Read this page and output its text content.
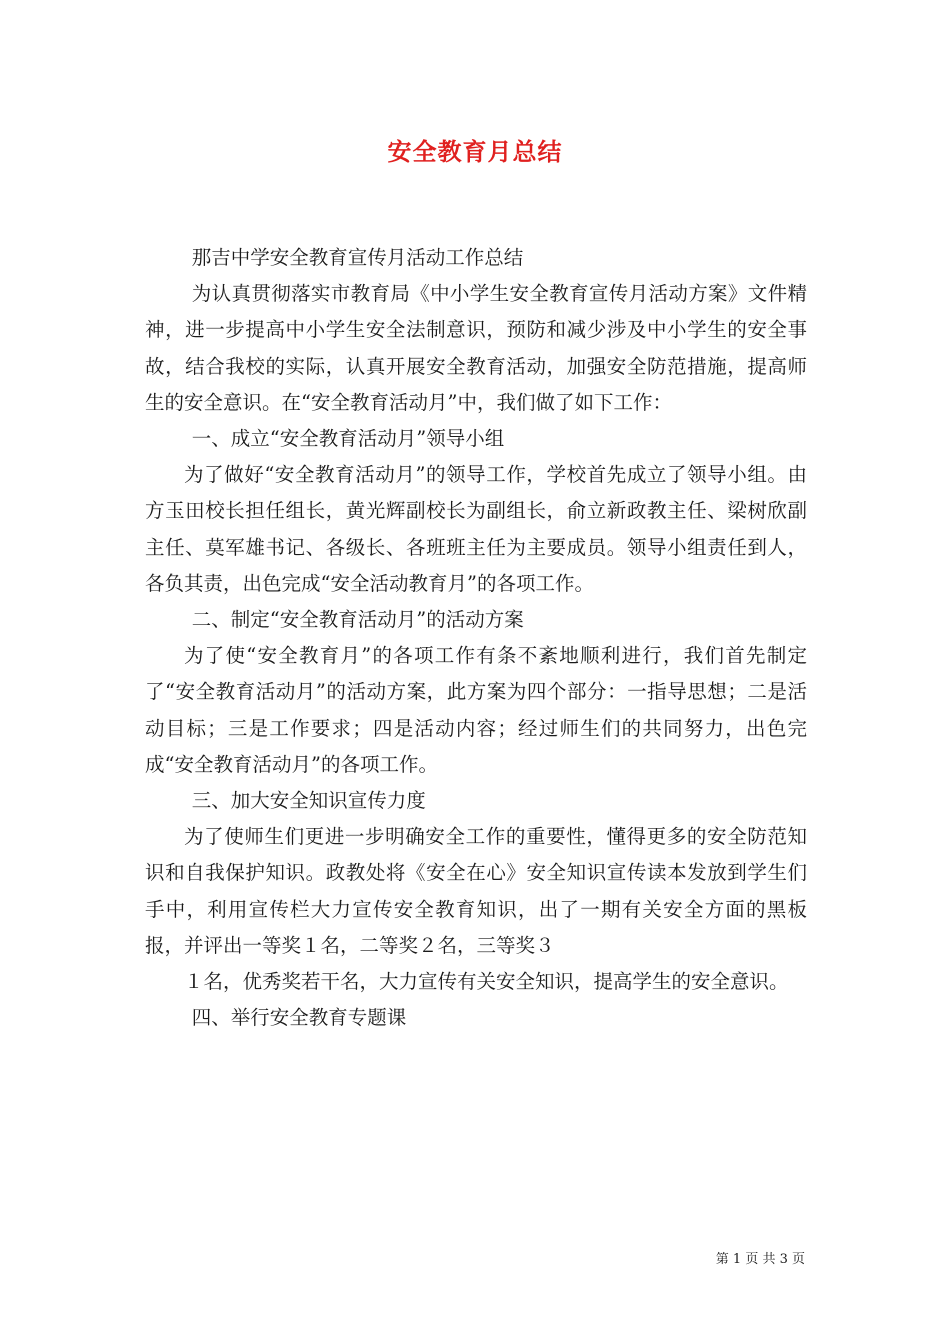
安全教育月总结

那吉中学安全教育宣传月活动工作总结

为认真贯彻落实市教育局《中小学生安全教育宣传月活动方案》文件精神，进一步提高中小学生安全法制意识，预防和减少涉及中小学生的安全事故，结合我校的实际，认真开展安全教育活动，加强安全防范措施，提高师生的安全意识。在“安全教育活动月”中，我们做了如下工作：

一、成立“安全教育活动月”领导小组

为了做好“安全教育活动月”的领导工作，学校首先成立了领导小组。由方玉田校长担任组长，黄光辉副校长为副组长，俞立新政教主任、梁树欣副主任、莫军雄书记、各级长、各班班主任为主要成员。领导小组责任到人，各负其责，出色完成“安全活动教育月”的各项工作。

二、制定“安全教育活动月”的活动方案

为了使“安全教育月”的各项工作有条不紊地顺利进行，我们首先制定了“安全教育活动月”的活动方案，此方案为四个部分：一指导思想；二是活动目标；三是工作要求；四是活动内容；经过师生们的共同努力，出色完成“安全教育活动月”的各项工作。

三、加大安全知识宣传力度

为了使师生们更进一步明确安全工作的重要性，懂得更多的安全防范知识和自我保护知识。政教处将《安全在心》安全知识宣传读本发放到学生们手中，利用宣传栏大力宣传安全教育知识，出了一期有关安全方面的黑板报，并评出一等奖１名，二等奖２名，三等奖３

１名，优秀奖若干名，大力宣传有关安全知识，提高学生的安全意识。

四、举行安全教育专题课

第 1 页 共 3 页
